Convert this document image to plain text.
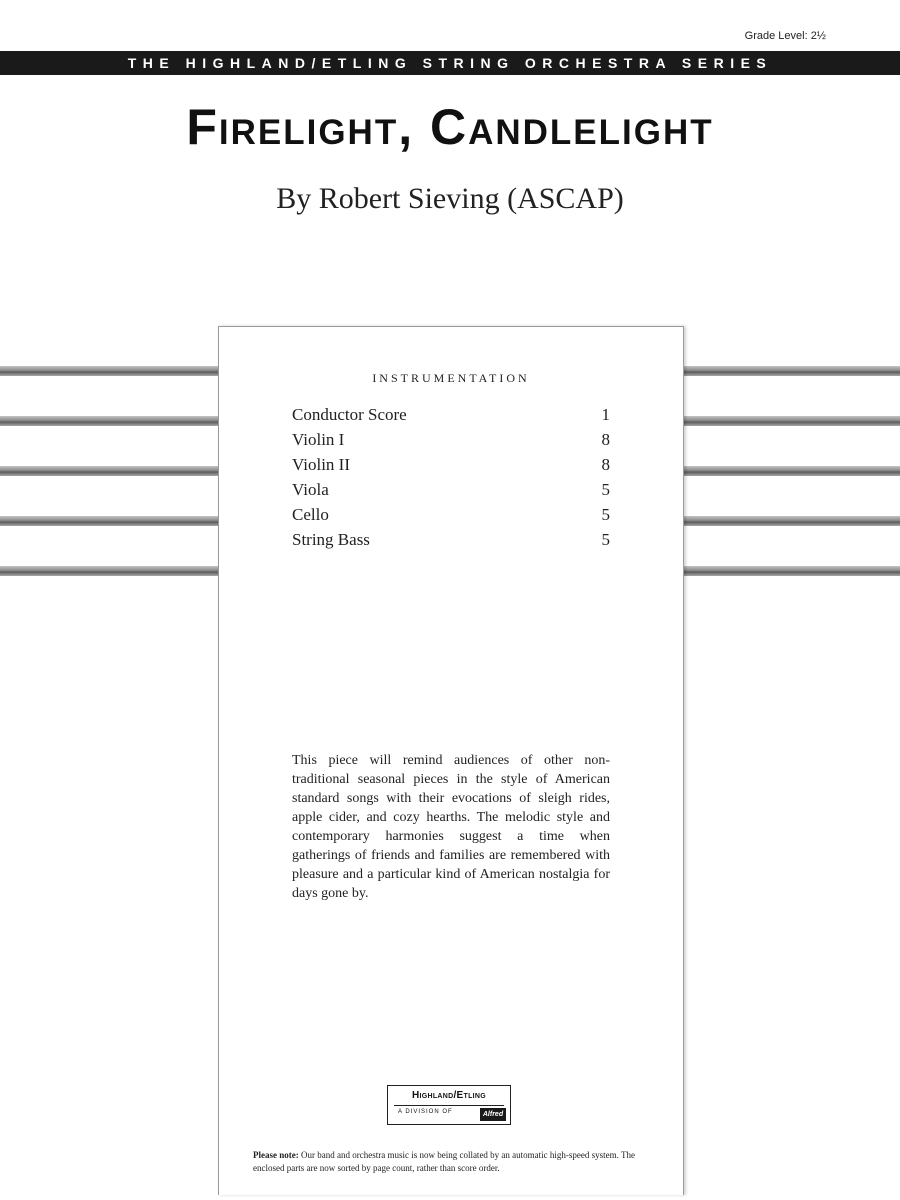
Grade Level: 2½
THE HIGHLAND/ETLING STRING ORCHESTRA SERIES
Firelight, Candlelight
By Robert Sieving (ASCAP)
INSTRUMENTATION
Conductor Score	1
Violin I	8
Violin II	8
Viola	5
Cello	5
String Bass	5
This piece will remind audiences of other non-traditional seasonal pieces in the style of American standard songs with their evocations of sleigh rides, apple cider, and cozy hearths. The melodic style and contemporary harmonies suggest a time when gatherings of friends and families are remembered with pleasure and a particular kind of American nostalgia for days gone by.
Highland/Etling
A DIVISION OF	Alfred
Please note: Our band and orchestra music is now being collated by an automatic high-speed system. The enclosed parts are now sorted by page count, rather than score order.
